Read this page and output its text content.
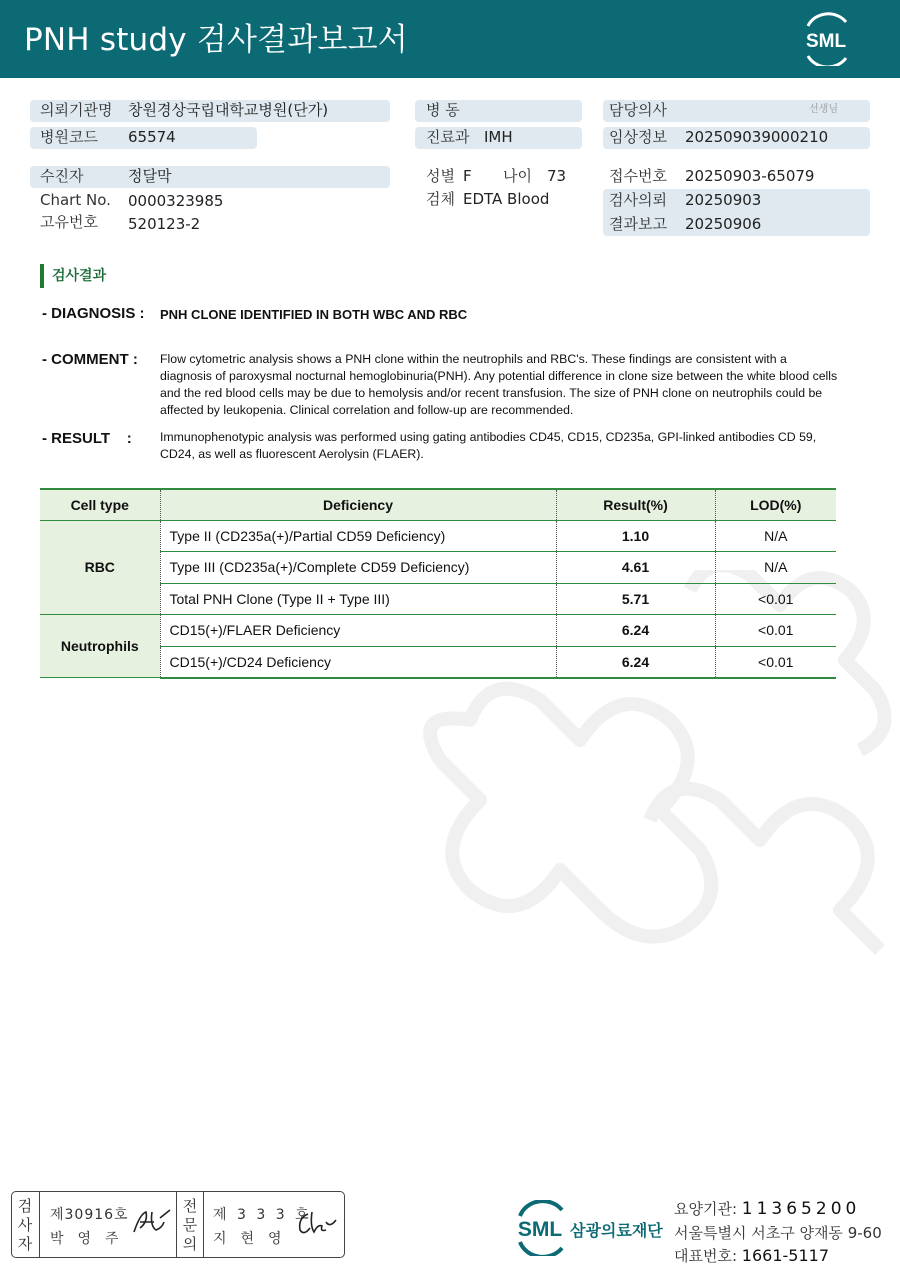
PNH study 검사결과보고서	SML
의뢰기관명 창원경상국립대학교병원(단가)
병원코드 65574
병 동
진료과 IMH
담당의사	선생님
임상정보 202509039000210
수진자	정달막
Chart No. 0000323985
고유번호 520123-2
성별 F 나이 73
검체 EDTA Blood
접수번호 20250903-65079
검사의뢰 20250903
결과보고 20250906
검사결과
- DIAGNOSIS : PNH CLONE IDENTIFIED IN BOTH WBC AND RBC
- COMMENT : Flow cytometric analysis shows a PNH clone within the neutrophils and RBC's. These findings are consistent with a diagnosis of paroxysmal nocturnal hemoglobinuria(PNH). Any potential difference in clone size between the white blood cells and the red blood cells may be due to hemolysis and/or recent transfusion. The size of PNH clone on neutrophils could be affected by leukopenia. Clinical correlation and follow-up are recommended.
- RESULT    : Immunophenotypic analysis was performed using gating antibodies CD45, CD15, CD235a, GPI-linked antibodies CD 59, CD24, as well as fluorescent Aerolysin (FLAER).
Cell type	Deficiency	Result(%)	LOD(%)
RBC	Type II (CD235a(+)/Partial CD59 Deficiency)	1.10	N/A
	Type III (CD235a(+)/Complete CD59 Deficiency)	4.61	N/A
	Total PNH Clone (Type II + Type III)	5.71	<0.01
Neutrophils	CD15(+)/FLAER Deficiency	6.24	<0.01
	CD15(+)/CD24 Deficiency	6.24	<0.01
검
사
자
제30916호
박영주
전
문
의
제 3 3 3 호
지현영	SML 삼광의료재단
요양기관: 11365200
서울특별시 서초구 양재동 9-60
대표번호: 1661-5117
